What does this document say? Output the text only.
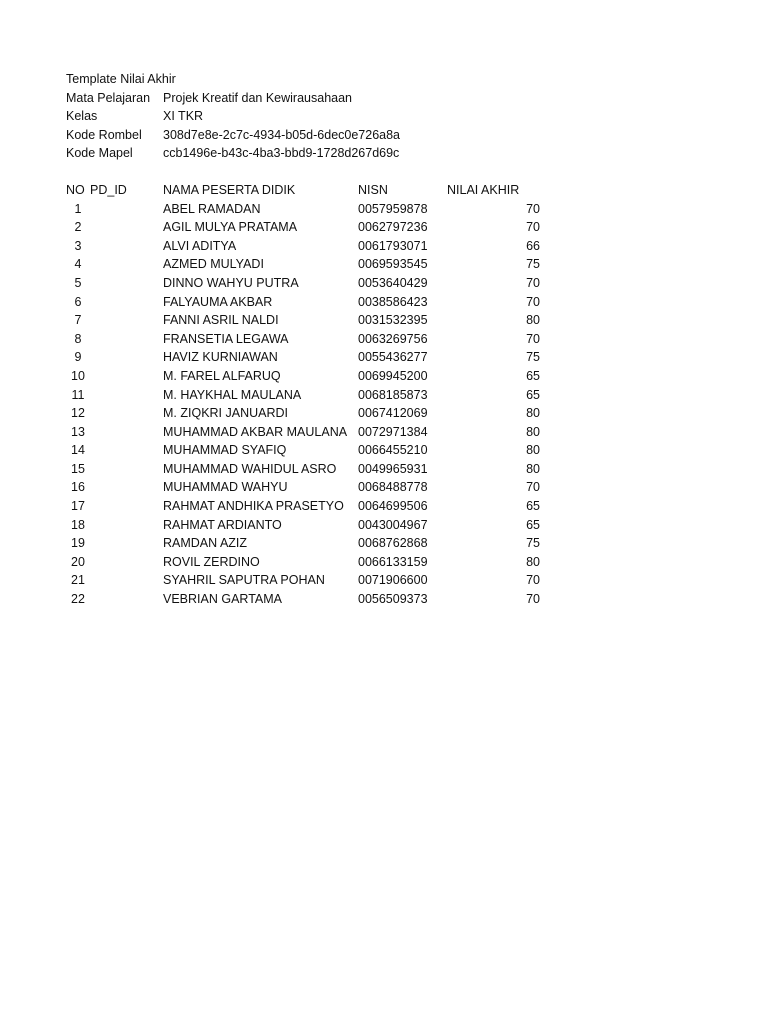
Template Nilai Akhir
Mata Pelajaran Projek Kreatif dan Kewirausahaan
Kelas	XI TKR
Kode Rombel 308d7e8e-2c7c-4934-b05d-6dec0e726a8a
Kode Mapel ccb1496e-b43c-4ba3-bbd9-1728d267d69c
NO PD_ID	NAMA PESERTA DIDIK	NISN	NILAI AKHIR
1	ABEL RAMADAN	0057959878	70
2	AGIL MULYA PRATAMA	0062797236	70
3	ALVI ADITYA	0061793071	66
4	AZMED MULYADI	0069593545	75
5	DINNO WAHYU PUTRA	0053640429	70
6	FALYAUMA AKBAR	0038586423	70
7	FANNI ASRIL NALDI	0031532395	80
8	FRANSETIA LEGAWA	0063269756	70
9	HAVIZ KURNIAWAN	0055436277	75
10	M. FAREL ALFARUQ	0069945200	65
11	M. HAYKHAL MAULANA	0068185873	65
12	M. ZIQKRI JANUARDI	0067412069	80
13	MUHAMMAD AKBAR MAULANA 0072971384	80
14	MUHAMMAD SYAFIQ	0066455210	80
15	MUHAMMAD WAHIDUL ASRO 0049965931	80
16	MUHAMMAD WAHYU	0068488778	70
17	RAHMAT ANDHIKA PRASETYO 0064699506	65
18	RAHMAT ARDIANTO	0043004967	65
19	RAMDAN AZIZ	0068762868	75
20	ROVIL ZERDINO	0066133159	80
21	SYAHRIL SAPUTRA POHAN	0071906600	70
22	VEBRIAN GARTAMA	0056509373	70
